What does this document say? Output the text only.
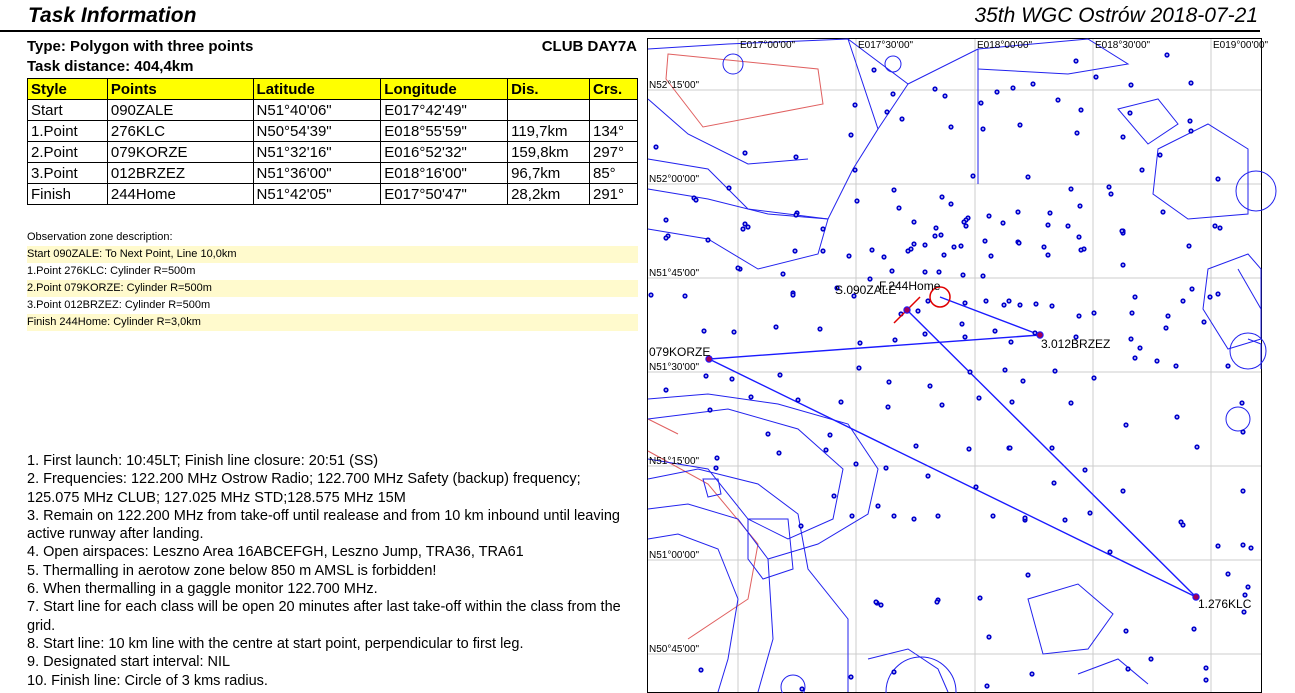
Task Information	35th WGC Ostrów 2018-07-21
Type: Polygon with three points	CLUB DAY7A
Task distance: 404,4km
Style	Points	Latitude	Longitude	Dis.	Crs.
Start	090ZALE	N51°40'06"	E017°42'49"		
1.Point	276KLC	N50°54'39"	E018°55'59"	119,7km	134°
2.Point	079KORZE	N51°32'16"	E016°52'32"	159,8km	297°
3.Point	012BRZEZ	N51°36'00"	E018°16'00"	96,7km	85°
Finish	244Home	N51°42'05"	E017°50'47"	28,2km	291°
Observation zone description:
Start 090ZALE: To Next Point, Line 10,0km
1.Point 276KLC: Cylinder R=500m
2.Point 079KORZE: Cylinder R=500m
3.Point 012BRZEZ: Cylinder R=500m
Finish 244Home: Cylinder R=3,0km
1. First launch: 10:45LT; Finish line closure: 20:51 (SS)
2. Frequencies: 122.200 MHz Ostrow Radio; 122.700 MHz Safety (backup) frequency; 125.075 MHz CLUB; 127.025 MHz STD;128.575 MHz 15M
3. Remain on 122.200 MHz from take-off until realease and from 10 km inbound until leaving active runway after landing.
4. Open airspaces: Leszno Area 16ABCEFGH, Leszno Jump, TRA36, TRA61
5. Thermalling in aerotow zone below 850 m AMSL is forbidden!
6. When thermalling in a gaggle monitor 122.700 MHz.
7. Start line for each class will be open 20 minutes after last take-off within the class from the grid.
8. Start line: 10 km line with the centre at start point, perpendicular to first leg.
9. Designated start interval: NIL
10. Finish line: Circle of 3 kms radius.
E017°00'00"	E017°30'00"	E018°00'00"	E018°30'00"	E019°00'00"
N52°15'00"
N52°00'00"
N51°45'00"
N51°30'00"
N51°15'00"
N51°00'00"
N50°45'00"
S.090ZALE
F.244Home
1.276KLC
079KORZE
3.012BRZEZ
